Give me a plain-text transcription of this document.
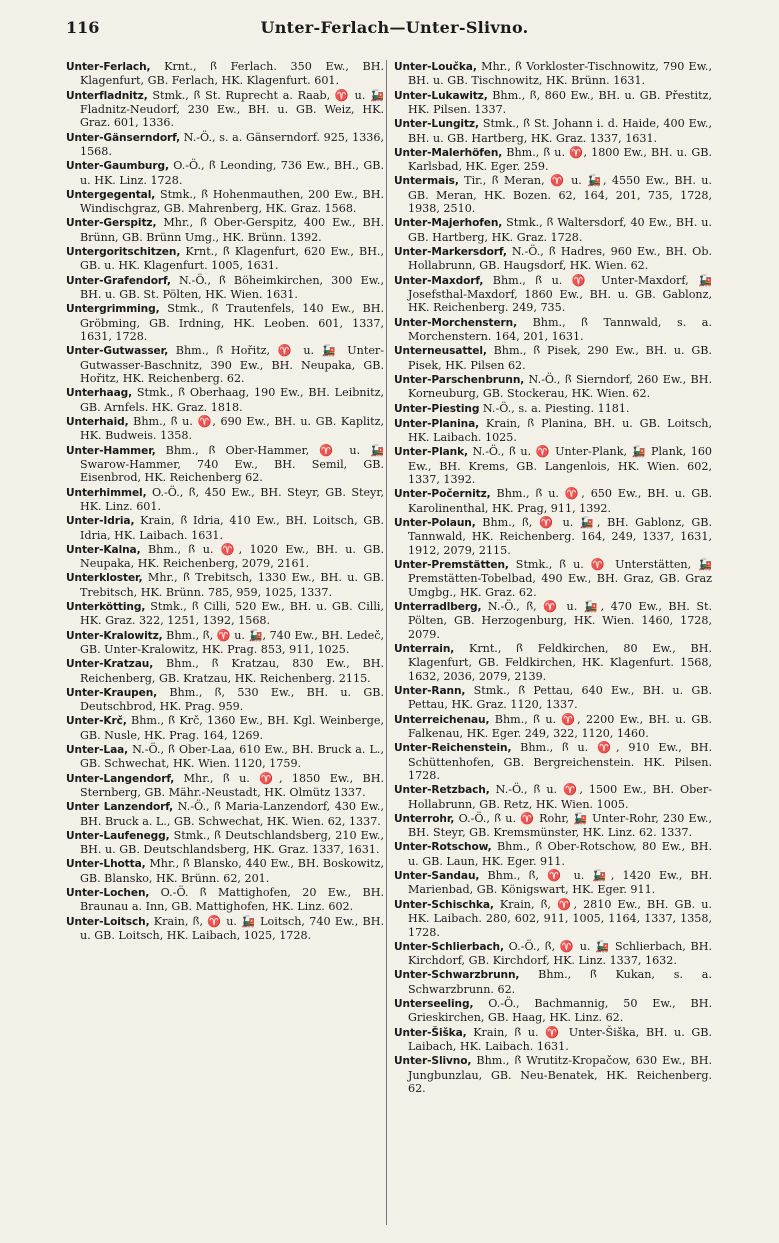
116	Unter-Ferlach—Unter-Slivno.

Unter-Ferlach, Krnt., ꟗ Ferlach. 350 Ew., BH. Klagenfurt, GB. Ferlach, HK. Klagenfurt. 601.

Unterfladnitz, Stmk., ꟗ St. Ruprecht a. Raab, ♈ u. 🚂 Fladnitz-Neudorf, 230 Ew., BH. u. GB. Weiz, HK. Graz. 601, 1336.

Unter-Gänserndorf, N.-Ö., s. a. Gänserndorf. 925, 1336, 1568.

Unter-Gaumburg, O.-Ö., ꟗ Leonding, 736 Ew., BH., GB. u. HK. Linz. 1728.

Untergegental, Stmk., ꟗ Hohenmauthen, 200 Ew., BH. Windischgraz, GB. Mahrenberg, HK. Graz. 1568.

Unter-Gerspitz, Mhr., ꟗ Ober-Gerspitz, 400 Ew., BH. Brünn, GB. Brünn Umg., HK. Brünn. 1392.

Untergoritschitzen, Krnt., ꟗ Klagenfurt, 620 Ew., BH., GB. u. HK. Klagenfurt. 1005, 1631.

Unter-Grafendorf, N.-Ö., ꟗ Böheimkirchen, 300 Ew., BH. u. GB. St. Pölten, HK. Wien. 1631.

Untergrimming, Stmk., ꟗ Trautenfels, 140 Ew., BH. Gröbming, GB. Irdning, HK. Leoben. 601, 1337, 1631, 1728.

Unter-Gutwasser, Bhm., ꟗ Hořitz, ♈ u. 🚂 Unter-Gutwasser-Baschnitz, 390 Ew., BH. Neupaka, GB. Hořitz, HK. Reichenberg. 62.

Unterhaag, Stmk., ꟗ Oberhaag, 190 Ew., BH. Leibnitz, GB. Arnfels. HK. Graz. 1818.

Unterhaid, Bhm., ꟗ u. ♈, 690 Ew., BH. u. GB. Kaplitz, HK. Budweis. 1358.

Unter-Hammer, Bhm., ꟗ Ober-Hammer, ♈ u. 🚂 Swarow-Hammer, 740 Ew., BH. Semil, GB. Eisenbrod, HK. Reichenberg 62.

Unterhimmel, O.-Ö., ꟗ, 450 Ew., BH. Steyr, GB. Steyr, HK. Linz. 601.

Unter-Idria, Krain, ꟗ Idria, 410 Ew., BH. Loitsch, GB. Idria, HK. Laibach. 1631.

Unter-Kalna, Bhm., ꟗ u. ♈, 1020 Ew., BH. u. GB. Neupaka, HK. Reichenberg, 2079, 2161.

Unterkloster, Mhr., ꟗ Trebitsch, 1330 Ew., BH. u. GB. Trebitsch, HK. Brünn. 785, 959, 1025, 1337.

Unterkötting, Stmk., ꟗ Cilli, 520 Ew., BH. u. GB. Cilli, HK. Graz. 322, 1251, 1392, 1568.

Unter-Kralowitz, Bhm., ꟗ, ♈ u. 🚂, 740 Ew., BH. Ledeč, GB. Unter-Kralowitz, HK. Prag. 853, 911, 1025.

Unter-Kratzau, Bhm., ꟗ Kratzau, 830 Ew., BH. Reichenberg, GB. Kratzau, HK. Reichenberg. 2115.

Unter-Kraupen, Bhm., ꟗ, 530 Ew., BH. u. GB. Deutschbrod, HK. Prag. 959.

Unter-Krč, Bhm., ꟗ Krč, 1360 Ew., BH. Kgl. Weinberge, GB. Nusle, HK. Prag. 164, 1269.

Unter-Laa, N.-Ö., ꟗ Ober-Laa, 610 Ew., BH. Bruck a. L., GB. Schwechat, HK. Wien. 1120, 1759.

Unter-Langendorf, Mhr., ꟗ u. ♈, 1850 Ew., BH. Sternberg, GB. Mähr.-Neustadt, HK. Olmütz 1337.

Unter Lanzendorf, N.-Ö., ꟗ Maria-Lanzendorf, 430 Ew., BH. Bruck a. L., GB. Schwechat, HK. Wien. 62, 1337.

Unter-Laufenegg, Stmk., ꟗ Deutschlandsberg, 210 Ew., BH. u. GB. Deutschlandsberg, HK. Graz. 1337, 1631.

Unter-Lhotta, Mhr., ꟗ Blansko, 440 Ew., BH. Boskowitz, GB. Blansko, HK. Brünn. 62, 201.

Unter-Lochen, O.-Ö. ꟗ Mattighofen, 20 Ew., BH. Braunau a. Inn, GB. Mattighofen, HK. Linz. 602.

Unter-Loitsch, Krain, ꟗ, ♈ u. 🚂 Loitsch, 740 Ew., BH. u. GB. Loitsch, HK. Laibach, 1025, 1728.

Unter-Loučka, Mhr., ꟗ Vorkloster-Tischnowitz, 790 Ew., BH. u. GB. Tischnowitz, HK. Brünn. 1631.

Unter-Lukawitz, Bhm., ꟗ, 860 Ew., BH. u. GB. Přestitz, HK. Pilsen. 1337.

Unter-Lungitz, Stmk., ꟗ St. Johann i. d. Haide, 400 Ew., BH. u. GB. Hartberg, HK. Graz. 1337, 1631.

Unter-Malerhöfen, Bhm., ꟗ u. ♈, 1800 Ew., BH. u. GB. Karlsbad, HK. Eger. 259.

Untermais, Tir., ꟗ Meran, ♈ u. 🚂, 4550 Ew., BH. u. GB. Meran, HK. Bozen. 62, 164, 201, 735, 1728, 1938, 2510.

Unter-Majerhofen, Stmk., ꟗ Waltersdorf, 40 Ew., BH. u. GB. Hartberg, HK. Graz. 1728.

Unter-Markersdorf, N.-Ö., ꟗ Hadres, 960 Ew., BH. Ob. Hollabrunn, GB. Haugsdorf, HK. Wien. 62.

Unter-Maxdorf, Bhm., ꟗ u. ♈ Unter-Maxdorf, 🚂 Josefsthal-Maxdorf, 1860 Ew., BH. u. GB. Gablonz, HK. Reichenberg. 249, 735.

Unter-Morchenstern, Bhm., ꟗ Tannwald, s. a. Morchenstern. 164, 201, 1631.

Unterneusattel, Bhm., ꟗ Pisek, 290 Ew., BH. u. GB. Pisek, HK. Pilsen 62.

Unter-Parschenbrunn, N.-Ö., ꟗ Sierndorf, 260 Ew., BH. Korneuburg, GB. Stockerau, HK. Wien. 62.

Unter-Piesting N.-Ö., s. a. Piesting. 1181.

Unter-Planina, Krain, ꟗ Planina, BH. u. GB. Loitsch, HK. Laibach. 1025.

Unter-Plank, N.-Ö., ꟗ u. ♈ Unter-Plank, 🚂 Plank, 160 Ew., BH. Krems, GB. Langenlois, HK. Wien. 602, 1337, 1392.

Unter-Počernitz, Bhm., ꟗ u. ♈, 650 Ew., BH. u. GB. Karolinenthal, HK. Prag, 911, 1392.

Unter-Polaun, Bhm., ꟗ, ♈ u. 🚂, BH. Gablonz, GB. Tannwald, HK. Reichenberg. 164, 249, 1337, 1631, 1912, 2079, 2115.

Unter-Premstätten, Stmk., ꟗ u. ♈ Unterstätten, 🚂 Premstätten-Tobelbad, 490 Ew., BH. Graz, GB. Graz Umgbg., HK. Graz. 62.

Unterradlberg, N.-Ö., ꟗ, ♈ u. 🚂, 470 Ew., BH. St. Pölten, GB. Herzogenburg, HK. Wien. 1460, 1728, 2079.

Unterrain, Krnt., ꟗ Feldkirchen, 80 Ew., BH. Klagenfurt, GB. Feldkirchen, HK. Klagenfurt. 1568, 1632, 2036, 2079, 2139.

Unter-Rann, Stmk., ꟗ Pettau, 640 Ew., BH. u. GB. Pettau, HK. Graz. 1120, 1337.

Unterreichenau, Bhm., ꟗ u. ♈, 2200 Ew., BH. u. GB. Falkenau, HK. Eger. 249, 322, 1120, 1460.

Unter-Reichenstein, Bhm., ꟗ u. ♈, 910 Ew., BH. Schüttenhofen, GB. Bergreichenstein. HK. Pilsen. 1728.

Unter-Retzbach, N.-Ö., ꟗ u. ♈, 1500 Ew., BH. Ober-Hollabrunn, GB. Retz, HK. Wien. 1005.

Unterrohr, O.-Ö., ꟗ u. ♈ Rohr, 🚂 Unter-Rohr, 230 Ew., BH. Steyr, GB. Kremsmünster, HK. Linz. 62. 1337.

Unter-Rotschow, Bhm., ꟗ Ober-Rotschow, 80 Ew., BH. u. GB. Laun, HK. Eger. 911.

Unter-Sandau, Bhm., ꟗ, ♈ u. 🚂, 1420 Ew., BH. Marienbad, GB. Königswart, HK. Eger. 911.

Unter-Schischka, Krain, ꟗ, ♈, 2810 Ew., BH. GB. u. HK. Laibach. 280, 602, 911, 1005, 1164, 1337, 1358, 1728.

Unter-Schlierbach, O.-Ö., ꟗ, ♈ u. 🚂 Schlierbach, BH. Kirchdorf, GB. Kirchdorf, HK. Linz. 1337, 1632.

Unter-Schwarzbrunn, Bhm., ꟗ Kukan, s. a. Schwarzbrunn. 62.

Unterseeling, O.-Ö., Bachmannig, 50 Ew., BH. Grieskirchen, GB. Haag, HK. Linz. 62.

Unter-Šiška, Krain, ꟗ u. ♈ Unter-Šiška, BH. u. GB. Laibach, HK. Laibach. 1631.

Unter-Slivno, Bhm., ꟗ Wrutitz-Kropačow, 630 Ew., BH. Jungbunzlau, GB. Neu-Benatek, HK. Reichenberg. 62.
